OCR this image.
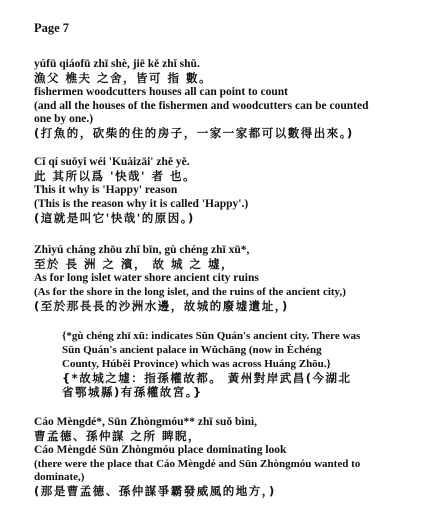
Page 7
yúfū qiáofū zhī shè, jiē kě zhǐ shǔ.
漁父 樵夫 之舍，皆可 指 數。
fishermen woodcutters houses all can point to count
(and all the houses of the fishermen and woodcutters can be counted
one by one.)
(打魚的，砍柴的住的房子，一家一家都可以數得出來。)
Cǐ qí suǒyǐ wéi 'Kuàizāi' zhě yě.
此 其所以爲 '快哉' 者 也。
This it why is 'Happy' reason
(This is the reason why it is called 'Happy'.)
(這就是叫它'快哉'的原因。)
Zhìyú cháng zhōu zhī bīn, gù chéng zhī xū*,
至於 長 洲 之 濱， 故 城 之 墟，
As for long islet water shore ancient city ruins
(As for the shore in the long islet, and the ruins of the ancient city,)
(至於那長長的沙洲水邊，故城的廢墟遺址，)
{*gù chéng zhī xū: indicates Sūn Quán's ancient city. There was
Sūn Quán's ancient palace in Wǔchāng (now in Èchéng
County, Húběi Province) which was across Huáng Zhōu.}
{*故城之墟：指孫權故都。 黃州對岸武昌(今湖北
省鄂城縣)有孫權故宮。}
Cáo Mèngdé*, Sūn Zhòngmóu** zhī suǒ bìnì,
曹孟德、孫仲謀 之所 睥睨，
Cáo Mèngdé Sūn Zhòngmóu place dominating look
(there were the place that Cáo Mèngdé and Sūn Zhòngmóu wanted to
dominate,)
(那是曹孟德、孫仲謀爭霸發威風的地方，)
